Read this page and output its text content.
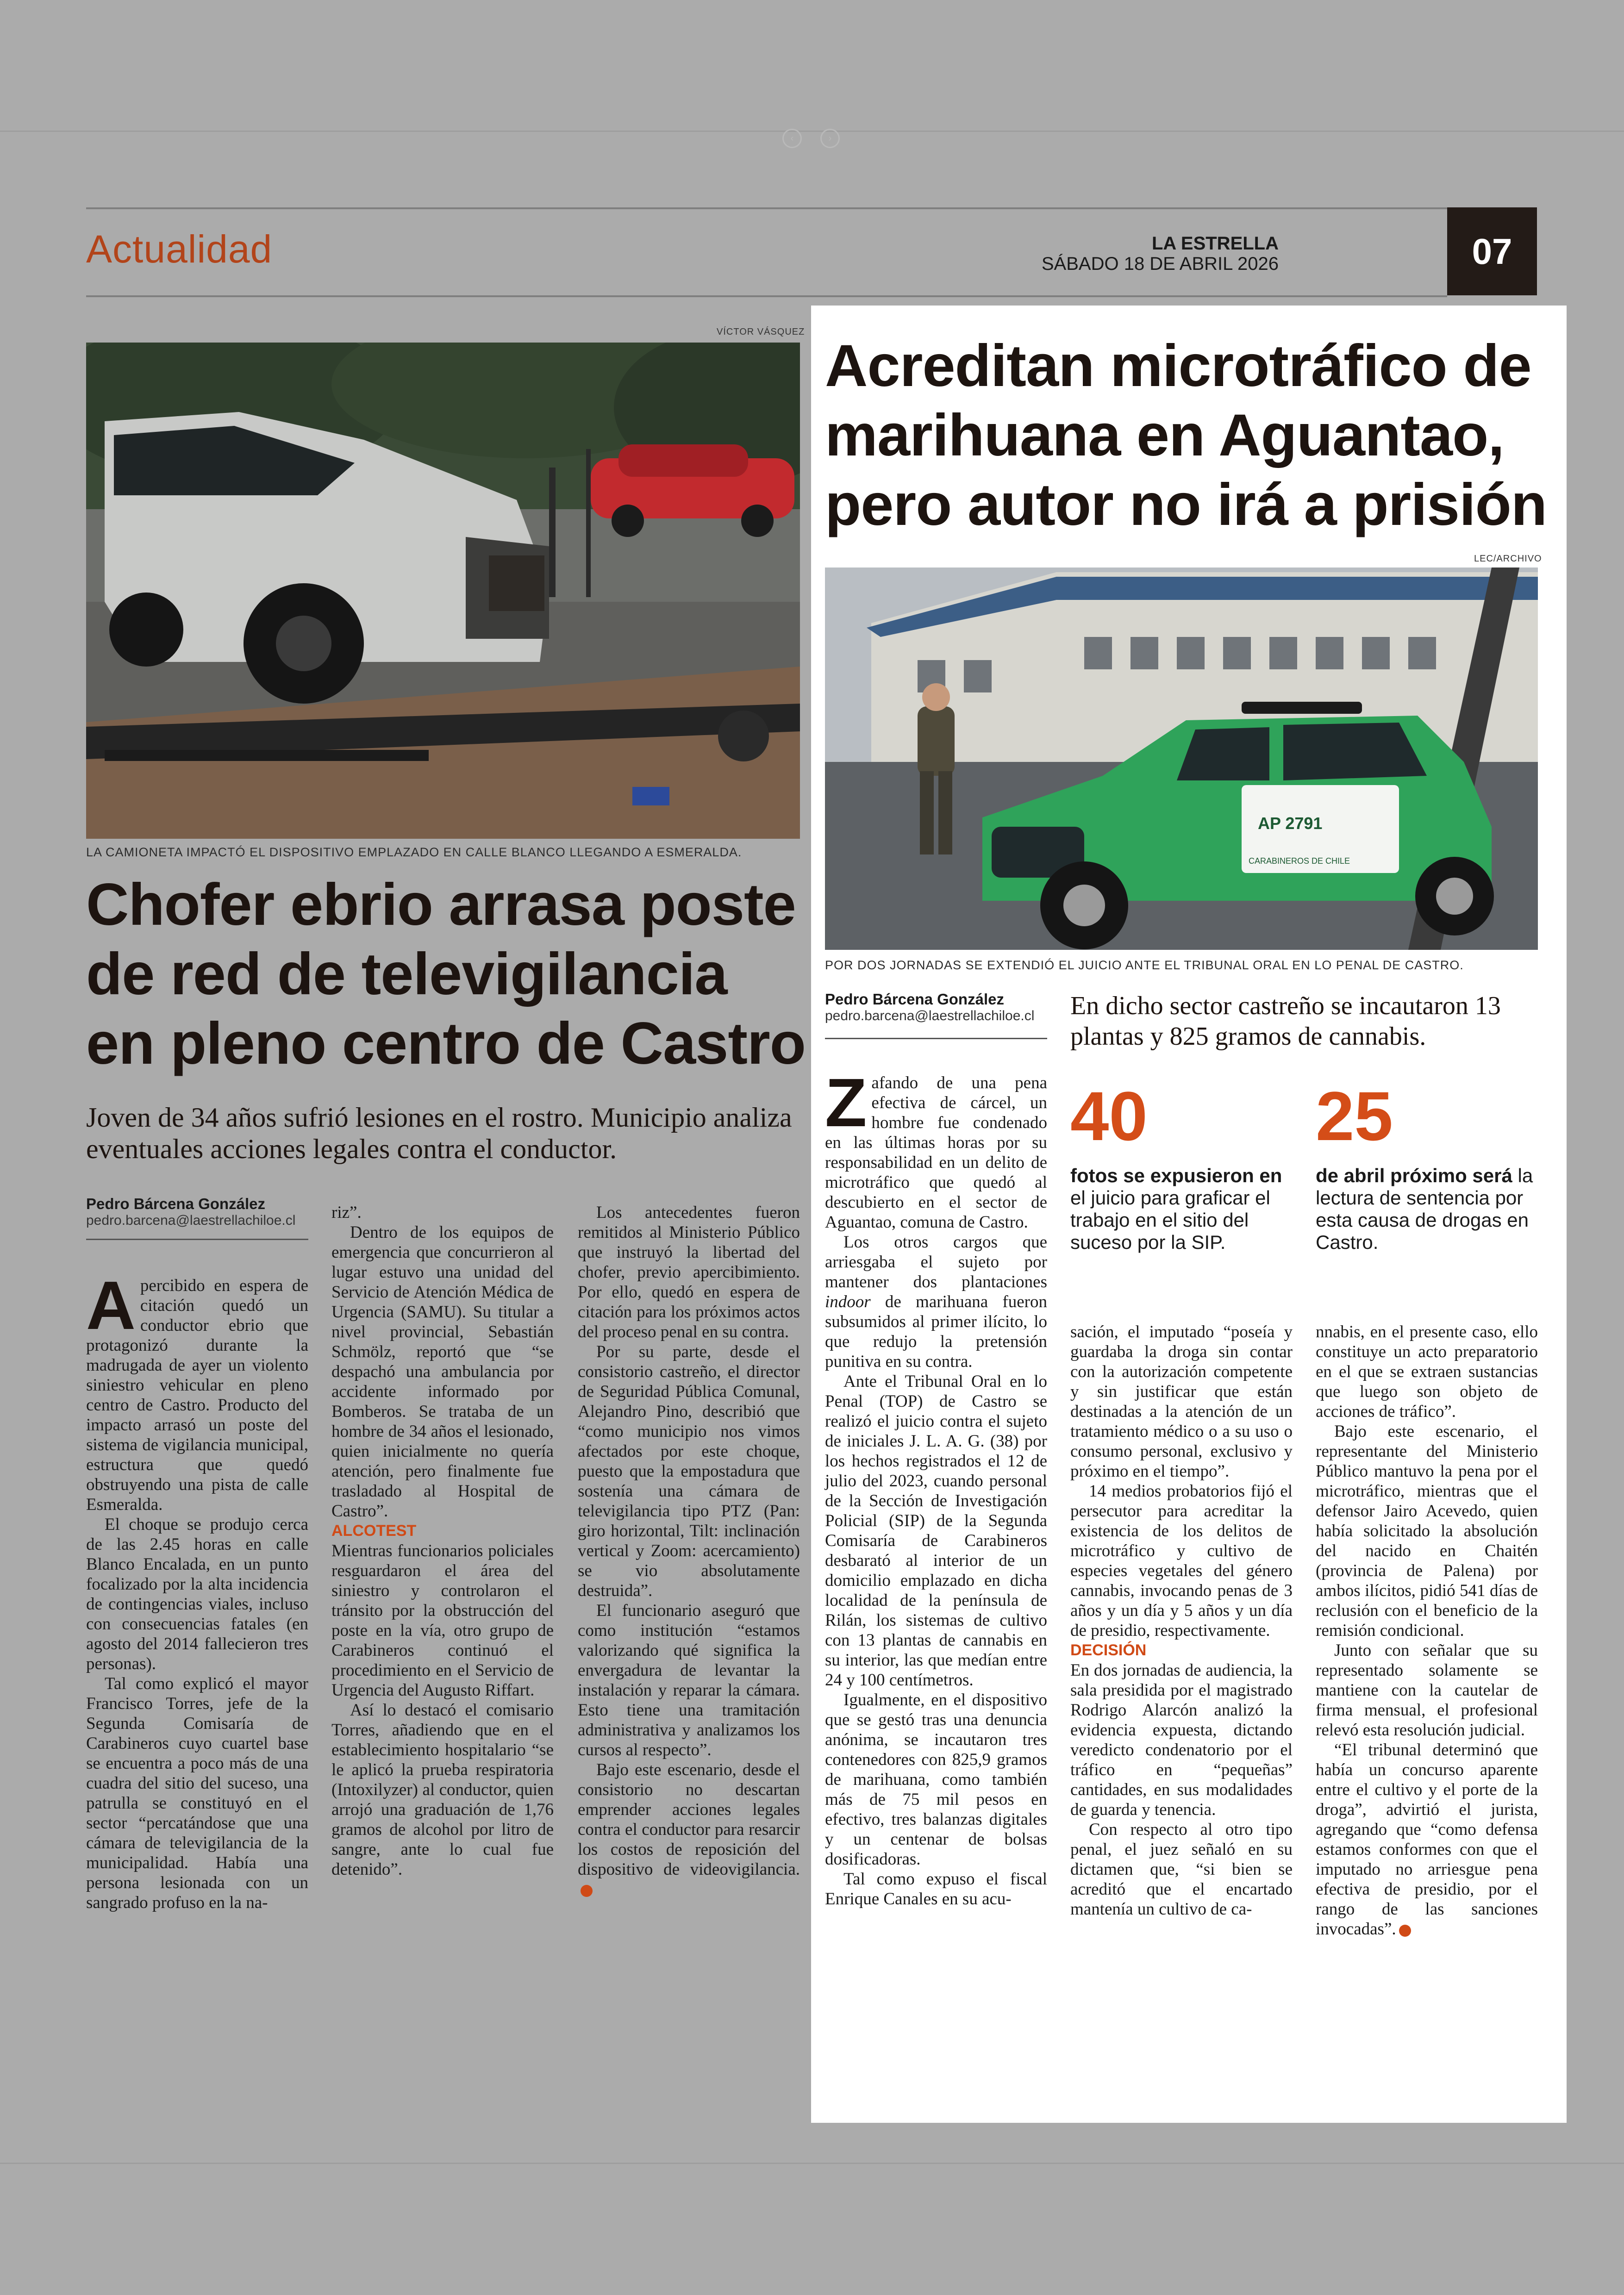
‹	›
Actualidad	LA ESTRELLA
SÁBADO 18 DE ABRIL 2026	07
VÍCTOR VÁSQUEZ
LA CAMIONETA IMPACTÓ EL DISPOSITIVO EMPLAZADO EN CALLE BLANCO LLEGANDO A ESMERALDA.
Chofer ebrio arrasa poste de red de televigilancia en pleno centro de Castro
Joven de 34 años sufrió lesiones en el rostro. Municipio analiza eventuales acciones legales contra el conductor.
Pedro Bárcena González
pedro.barcena@laestrellachiloe.cl

Apercibido en espera de citación quedó un conductor ebrio que protagonizó durante la madrugada de ayer un violento siniestro vehicular en pleno centro de Castro. Producto del impacto arrasó un poste del sistema de vigilancia municipal, estructura que quedó obstruyendo una pista de calle Esmeralda.

El choque se produjo cerca de las 2.45 horas en calle Blanco Encalada, en un punto focalizado por la alta incidencia de contingencias viales, incluso con consecuencias fatales (en agosto del 2014 fallecieron tres personas).

Tal como explicó el mayor Francisco Torres, jefe de la Segunda Comisaría de Carabineros cuyo cuartel base se encuentra a poco más de una cuadra del sitio del suceso, una patrulla se constituyó en el sector “percatándose que una cámara de televigilancia de la municipalidad. Había una persona lesionada con un sangrado profuso en la na-

riz”.

Dentro de los equipos de emergencia que concurrieron al lugar estuvo una unidad del Servicio de Atención Médica de Urgencia (SAMU). Su titular a nivel provincial, Sebastián Schmölz, reportó que “se despachó una ambulancia por accidente informado por Bomberos. Se trataba de un hombre de 34 años el lesionado, quien inicialmente no quería atención, pero finalmente fue trasladado al Hospital de Castro”.

ALCOTEST

Mientras funcionarios policiales resguardaron el área del siniestro y controlaron el tránsito por la obstrucción del poste en la vía, otro grupo de Carabineros continuó el procedimiento en el Servicio de Urgencia del Augusto Riffart.

Así lo destacó el comisario Torres, añadiendo que en el establecimiento hospitalario “se le aplicó la prueba respiratoria (Intoxilyzer) al conductor, quien arrojó una graduación de 1,76 gramos de alcohol por litro de sangre, ante lo cual fue detenido”.

Los antecedentes fueron remitidos al Ministerio Público que instruyó la libertad del chofer, previo apercibimiento. Por ello, quedó en espera de citación para los próximos actos del proceso penal en su contra.

Por su parte, desde el consistorio castreño, el director de Seguridad Pública Comunal, Alejandro Pino, describió que “como municipio nos vimos afectados por este choque, puesto que la empostadura que sostenía una cámara de televigilancia tipo PTZ (Pan: giro horizontal, Tilt: inclinación vertical y Zoom: acercamiento) se vio absolutamente destruida”.

El funcionario aseguró que como institución “estamos valorizando qué significa la envergadura de levantar la instalación y reparar la cámara. Esto tiene una tramitación administrativa y analizamos los cursos al respecto”.

Bajo este escenario, desde el consistorio no descartan emprender acciones legales contra el conductor para resarcir los costos de reposición del dispositivo de videovigilancia.

Acreditan microtráfico de marihuana en Aguantao, pero autor no irá a prisión
LEC/ARCHIVO
AP 2791
CARABINEROS DE CHILE
POR DOS JORNADAS SE EXTENDIÓ EL JUICIO ANTE EL TRIBUNAL ORAL EN LO PENAL DE CASTRO.
Pedro Bárcena González
pedro.barcena@laestrellachiloe.cl	En dicho sector castreño se incautaron 13 plantas y 825 gramos de cannabis.
40
fotos se expusieron en el juicio para graficar el trabajo en el sitio del suceso por la SIP.
25
de abril próximo será la lectura de sentencia por esta causa de drogas en Castro.

Zafando de una pena efectiva de cárcel, un hombre fue condenado en las últimas horas por su responsabilidad en un delito de microtráfico que quedó al descubierto en el sector de Aguantao, comuna de Castro.

Los otros cargos que arriesgaba el sujeto por mantener dos plantaciones indoor de marihuana fueron subsumidos al primer ilícito, lo que redujo la pretensión punitiva en su contra.

Ante el Tribunal Oral en lo Penal (TOP) de Castro se realizó el juicio contra el sujeto de iniciales J. L. A. G. (38) por los hechos registrados el 12 de julio del 2023, cuando personal de la Sección de Investigación Policial (SIP) de la Segunda Comisaría de Carabineros desbarató al interior de un domicilio emplazado en dicha localidad de la península de Rilán, los sistemas de cultivo con 13 plantas de cannabis en su interior, las que medían entre 24 y 100 centímetros.

Igualmente, en el dispositivo que se gestó tras una denuncia anónima, se incautaron tres contenedores con 825,9 gramos de marihuana, como también más de 75 mil pesos en efectivo, tres balanzas digitales y un centenar de bolsas dosificadoras.

Tal como expuso el fiscal Enrique Canales en su acu-

sación, el imputado “poseía y guardaba la droga sin contar con la autorización competente y sin justificar que están destinadas a la atención de un tratamiento médico o a su uso o consumo personal, exclusivo y próximo en el tiempo”.

14 medios probatorios fijó el persecutor para acreditar la existencia de los delitos de microtráfico y cultivo de especies vegetales del género cannabis, invocando penas de 3 años y un día y 5 años y un día de presidio, respectivamente.

DECISIÓN

En dos jornadas de audiencia, la sala presidida por el magistrado Rodrigo Alarcón analizó la evidencia expuesta, dictando veredicto condenatorio por el tráfico en “pequeñas” cantidades, en sus modalidades de guarda y tenencia.

Con respecto al otro tipo penal, el juez señaló en su dictamen que, “si bien se acreditó que el encartado mantenía un cultivo de ca-

nnabis, en el presente caso, ello constituye un acto preparatorio en el que se extraen sustancias que luego son objeto de acciones de tráfico”.

Bajo este escenario, el representante del Ministerio Público mantuvo la pena por el microtráfico, mientras que el defensor Jairo Acevedo, quien había solicitado la absolución del nacido en Chaitén (provincia de Palena) por ambos ilícitos, pidió 541 días de reclusión con el beneficio de la remisión condicional.

Junto con señalar que su representado solamente se mantiene con la cautelar de firma mensual, el profesional relevó esta resolución judicial.

“El tribunal determinó que había un concurso aparente entre el cultivo y el porte de la droga”, advirtió el jurista, agregando que “como defensa estamos conformes con que el imputado no arriesgue pena efectiva de presidio, por el rango de las sanciones invocadas”.
